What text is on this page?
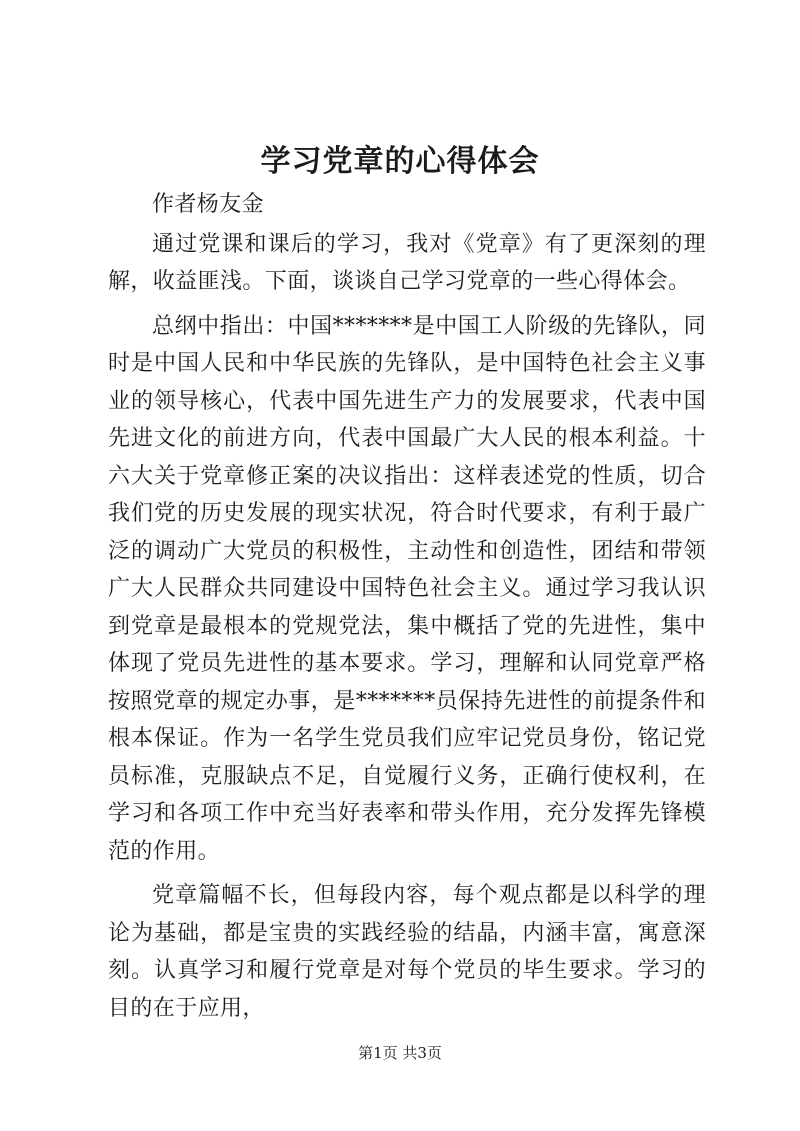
学习党章的心得体会

作者杨友金

通过党课和课后的学习，我对《党章》有了更深刻的理解，收益匪浅。下面，谈谈自己学习党章的一些心得体会。

总纲中指出：中国*******是中国工人阶级的先锋队，同时是中国人民和中华民族的先锋队，是中国特色社会主义事业的领导核心，代表中国先进生产力的发展要求，代表中国先进文化的前进方向，代表中国最广大人民的根本利益。十六大关于党章修正案的决议指出：这样表述党的性质，切合我们党的历史发展的现实状况，符合时代要求，有利于最广泛的调动广大党员的积极性，主动性和创造性，团结和带领广大人民群众共同建设中国特色社会主义。通过学习我认识到党章是最根本的党规党法，集中概括了党的先进性，集中体现了党员先进性的基本要求。学习，理解和认同党章严格按照党章的规定办事，是*******员保持先进性的前提条件和根本保证。作为一名学生党员我们应牢记党员身份，铭记党员标准，克服缺点不足，自觉履行义务，正确行使权利，在学习和各项工作中充当好表率和带头作用，充分发挥先锋模范的作用。

党章篇幅不长，但每段内容，每个观点都是以科学的理论为基础，都是宝贵的实践经验的结晶，内涵丰富，寓意深刻。认真学习和履行党章是对每个党员的毕生要求。学习的目的在于应用，

第1页 共3页
